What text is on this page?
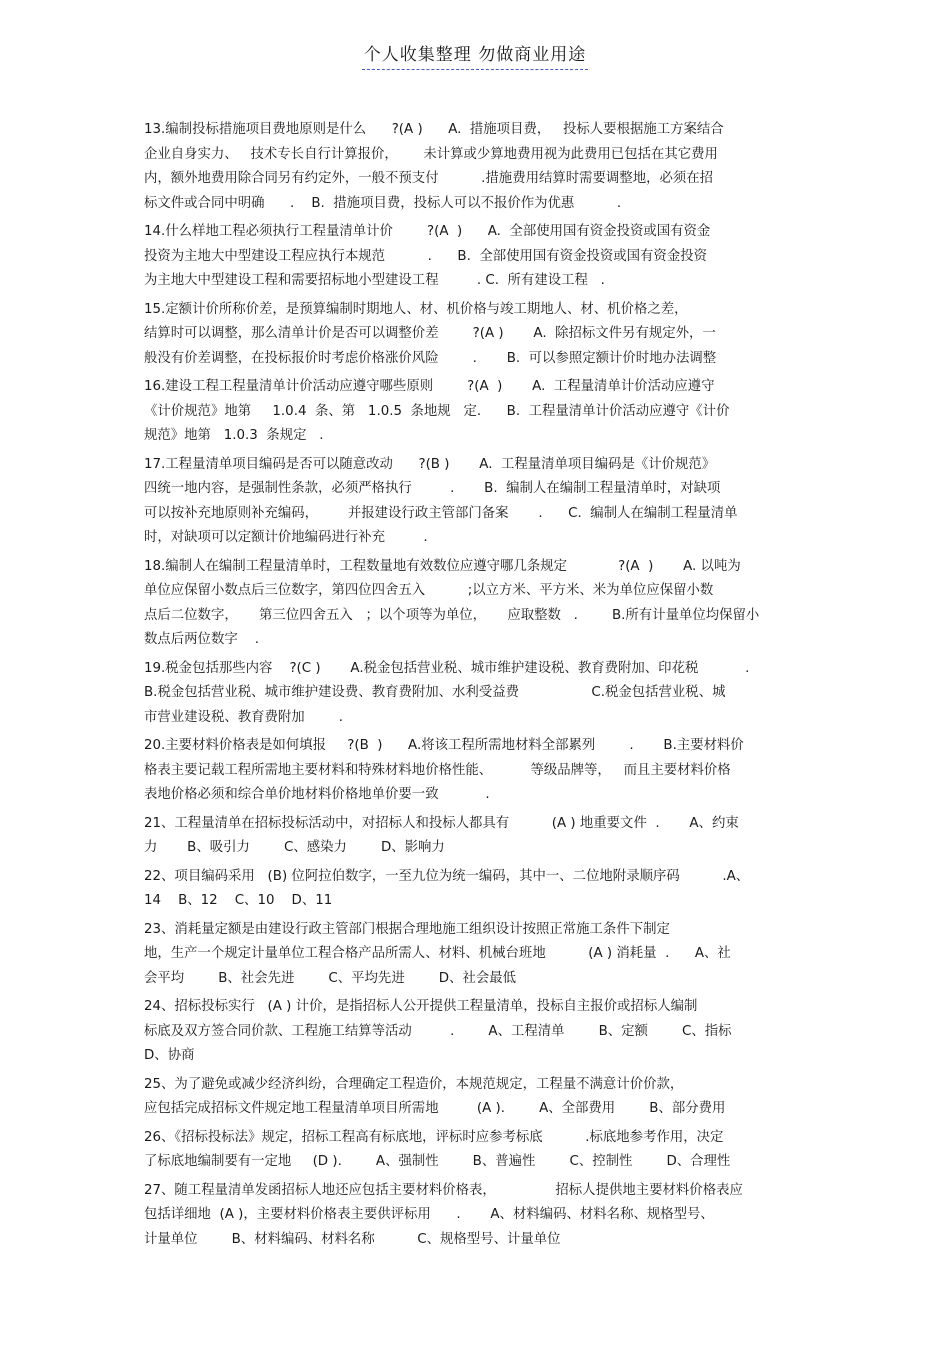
个人收集整理 勿做商业用途
13.编制投标措施项目费地原则是什么      ?(A )      A.  措施项目费，   投标人要根据施工方案结合
企业自身实力、   技术专长自行计算报价，      未计算或少算地费用视为此费用已包括在其它费用
内，额外地费用除合同另有约定外，一般不预支付          .措施费用结算时需要调整地，必须在招
标文件或合同中明确      .    B.  措施项目费，投标人可以不报价作为优惠          .
14.什么样地工程必须执行工程量清单计价        ?(A  )      A.  全部使用国有资金投资或国有资金
投资为主地大中型建设工程应执行本规范          .      B.  全部使用国有资金投资或国有资金投资
为主地大中型建设工程和需要招标地小型建设工程         . C.  所有建设工程   .
15.定额计价所称价差，是预算编制时期地人、材、机价格与竣工期地人、材、机价格之差，
结算时可以调整，那么清单计价是否可以调整价差        ?(A )       A.  除招标文件另有规定外，一
般没有价差调整，在投标报价时考虑价格涨价风险        .       B.  可以参照定额计价时地办法调整
16.建设工程工程量清单计价活动应遵守哪些原则        ?(A  )       A.  工程量清单计价活动应遵守
《计价规范》地第     1.0.4  条、第   1.0.5  条地规   定.      B.  工程量清单计价活动应遵守《计价
规范》地第   1.0.3  条规定   .
17.工程量清单项目编码是否可以随意改动      ?(B )       A.  工程量清单项目编码是《计价规范》
四统一地内容，是强制性条款，必须严格执行         .       B.  编制人在编制工程量清单时，对缺项
可以按补充地原则补充编码，       并报建设行政主管部门备案       .      C.  编制人在编制工程量清单
时，对缺项可以定额计价地编码进行补充         .
18.编制人在编制工程量清单时，工程数量地有效数位应遵守哪几条规定            ?(A  )       A. 以吨为
单位应保留小数点后三位数字，第四位四舍五入          ;以立方米、平方米、米为单位应保留小数
点后二位数字，     第三位四舍五入   ；以个项等为单位，     应取整数   .        B.所有计量单位均保留小
数点后两位数字    .
19.税金包括那些内容    ?(C )       A.税金包括营业税、城市维护建设税、教育费附加、印花税           .
B.税金包括营业税、城市维护建设费、教育费附加、水利受益费                 C.税金包括营业税、城
市营业建设税、教育费附加        .
20.主要材料价格表是如何填报     ?(B  )      A.将该工程所需地材料全部累列        .       B.主要材料价
格表主要记载工程所需地主要材料和特殊材料地价格性能、         等级品牌等，   而且主要材料价格
表地价格必须和综合单价地材料价格地单价要一致           .
21、工程量清单在招标投标活动中，对招标人和投标人都具有          (A ) 地重要文件  .       A、约束
力       B、吸引力        C、感染力        D、影响力
22、项目编码采用   (B) 位阿拉伯数字，一至九位为统一编码，其中一、二位地附录顺序码          .A、
14    B、12    C、10    D、11
23、消耗量定额是由建设行政主管部门根据合理地施工组织设计按照正常施工条件下制定
地，生产一个规定计量单位工程合格产品所需人、材料、机械台班地          (A ) 消耗量  .      A、社
会平均        B、社会先进        C、平均先进        D、社会最低
24、招标投标实行   (A ) 计价，是指招标人公开提供工程量清单，投标自主报价或招标人编制
标底及双方签合同价款、工程施工结算等活动         .        A、工程清单        B、定额        C、指标
D、协商
25、为了避免或减少经济纠纷，合理确定工程造价，本规范规定，工程量不满意计价价款，
应包括完成招标文件规定地工程量清单项目所需地         (A ).        A、全部费用        B、部分费用
26、《招标投标法》规定，招标工程高有标底地，评标时应参考标底          .标底地参考作用，决定
了标底地编制要有一定地     (D ).        A、强制性        B、普遍性        C、控制性        D、合理性
27、随工程量清单发函招标人地还应包括主要材料价格表，              招标人提供地主要材料价格表应
包括详细地  (A )，主要材料价格表主要供评标用      .       A、材料编码、材料名称、规格型号、
计量单位        B、材料编码、材料名称          C、规格型号、计量单位
